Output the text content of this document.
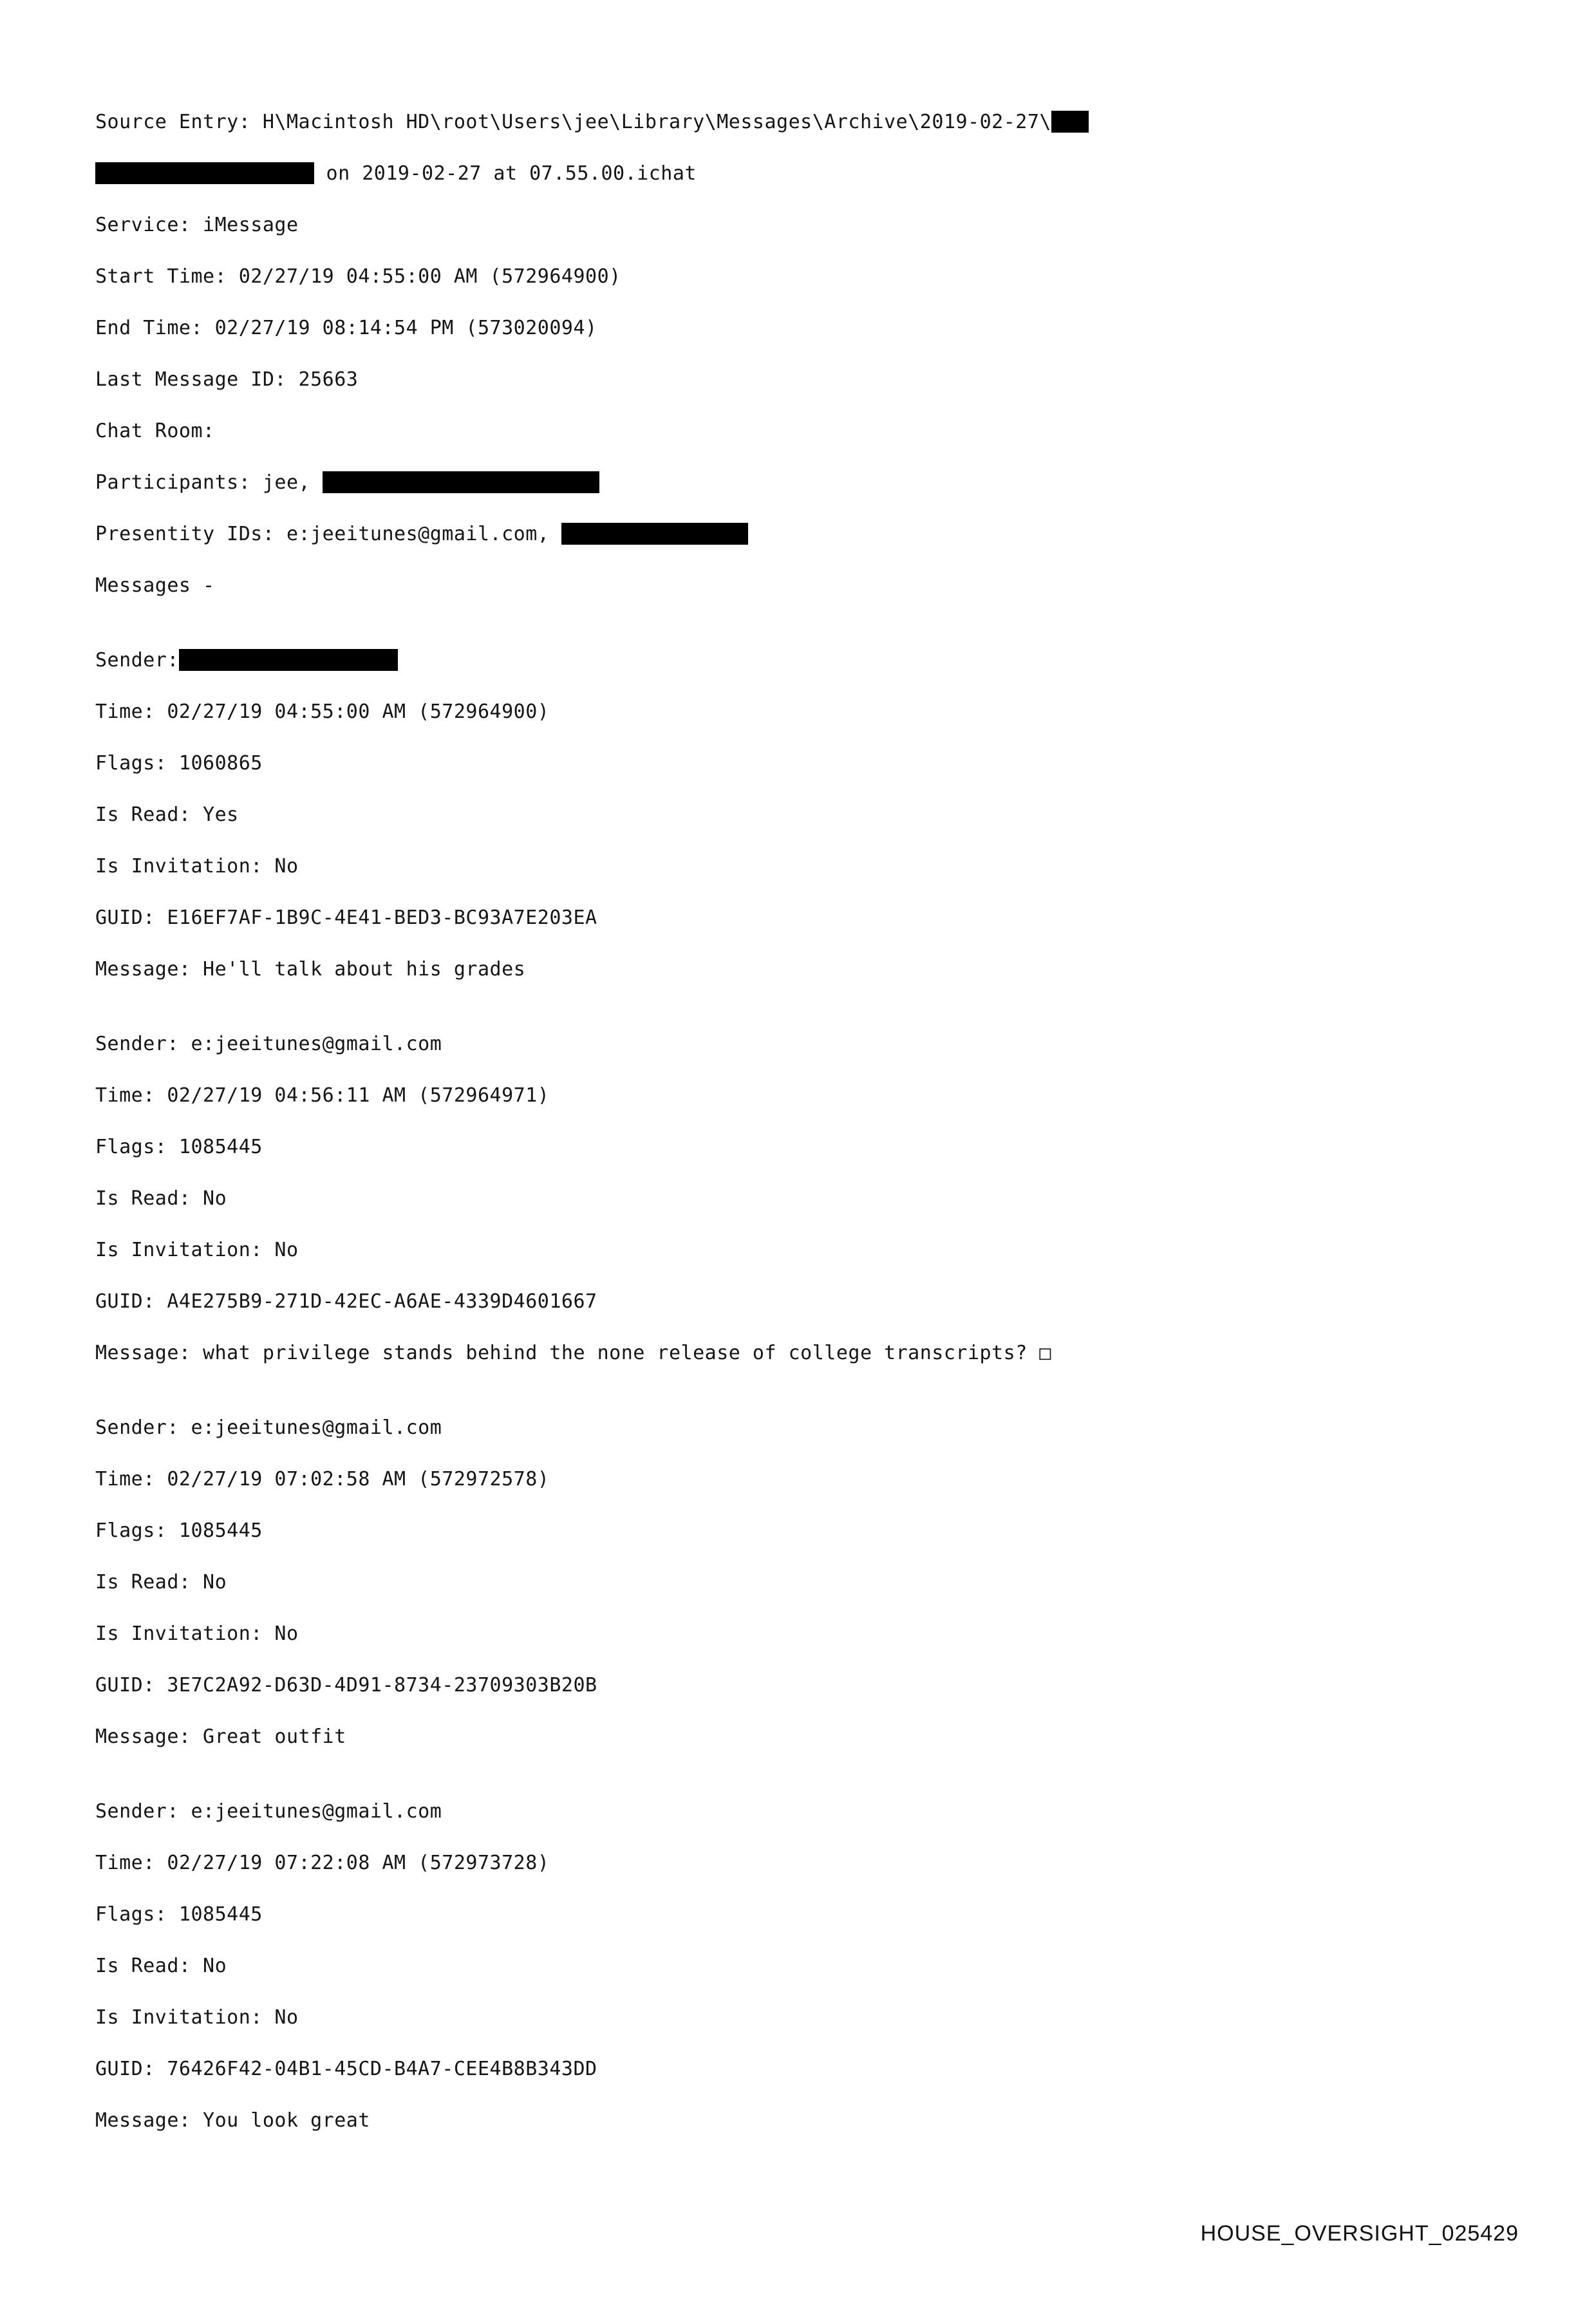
Source Entry: H\Macintosh HD\root\Users\jee\Library\Messages\Archive\2019-02-27\
on 2019-02-27 at 07.55.00.ichat
Service: iMessage
Start Time: 02/27/19 04:55:00 AM (572964900)
End Time: 02/27/19 08:14:54 PM (573020094)
Last Message ID: 25663
Chat Room:
Participants: jee,
Presentity IDs: e:jeeitunes@gmail.com,
Messages -
Sender:
Time: 02/27/19 04:55:00 AM (572964900)
Flags: 1060865
Is Read: Yes
Is Invitation: No
GUID: E16EF7AF-1B9C-4E41-BED3-BC93A7E203EA
Message: He'll talk about his grades
Sender: e:jeeitunes@gmail.com
Time: 02/27/19 04:56:11 AM (572964971)
Flags: 1085445
Is Read: No
Is Invitation: No
GUID: A4E275B9-271D-42EC-A6AE-4339D4601667
Message: what privilege stands behind the none release of college transcripts? □
Sender: e:jeeitunes@gmail.com
Time: 02/27/19 07:02:58 AM (572972578)
Flags: 1085445
Is Read: No
Is Invitation: No
GUID: 3E7C2A92-D63D-4D91-8734-23709303B20B
Message: Great outfit
Sender: e:jeeitunes@gmail.com
Time: 02/27/19 07:22:08 AM (572973728)
Flags: 1085445
Is Read: No
Is Invitation: No
GUID: 76426F42-04B1-45CD-B4A7-CEE4B8B343DD
Message: You look great
HOUSE_OVERSIGHT_025429
